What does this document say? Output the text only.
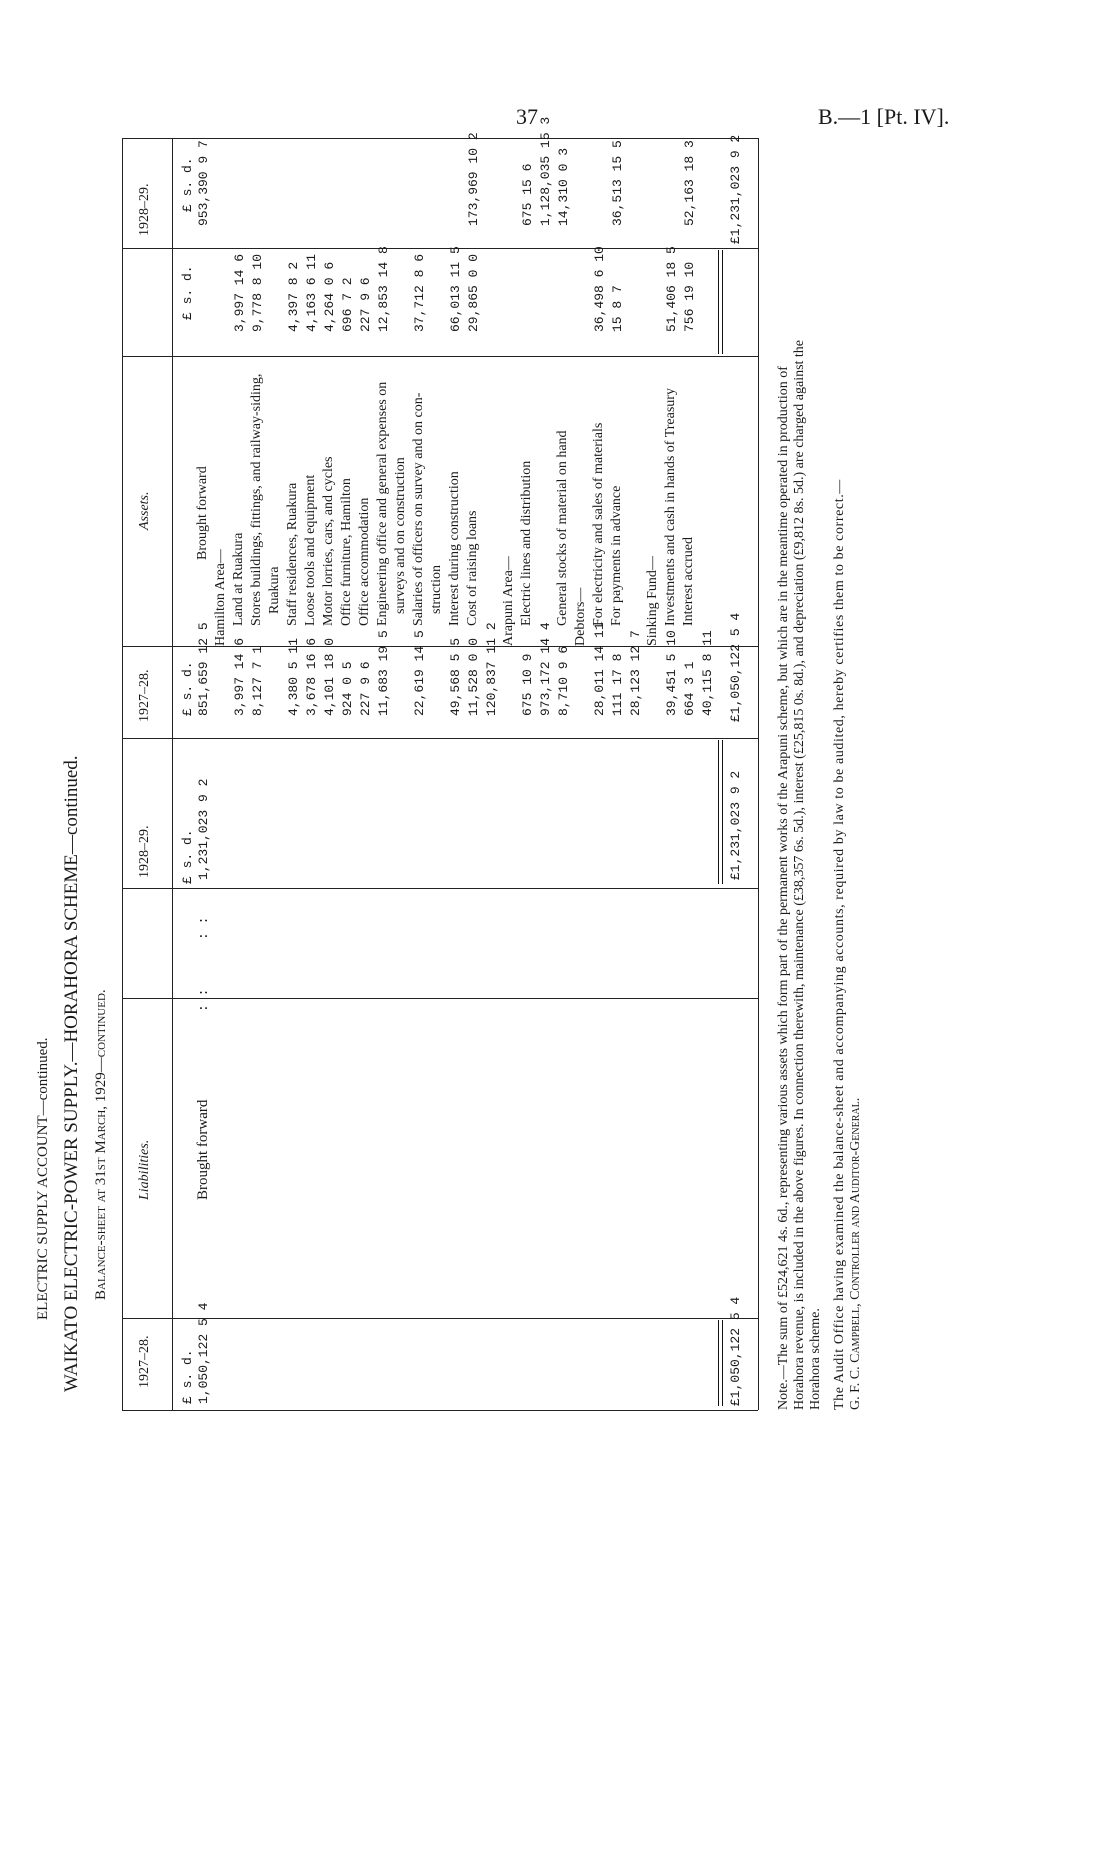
37	B.—1 [Pt. IV].
ELECTRIC SUPPLY ACCOUNT—continued. WAIKATO ELECTRIC-POWER SUPPLY.—HORAHORA SCHEME—continued. Balance-sheet at 31st March, 1929—continued.
1927–28.
Liabilities.
1928–29.
1927–28.
Assets.
1928–29.
£ s. d.
£ s. d.
£ s. d.
£ s. d.
£ s. d.
1,050,122 5 4
Brought forward
: :
: :
1,231,023 9 2
£1,050,122 5 4
£1,231,023 9 2
851,659 12 5
Brought forward
953,390 9 7
Hamilton Area—
3,997 14 6
Land at Ruakura
3,997 14 6
8,127 7 1
Stores buildings, fittings, and railway-siding,
9,778 8 10
Ruakura
4,380 5 11
Staff residences, Ruakura
4,397 8 2
3,678 16 6
Loose tools and equipment
4,163 6 11
4,101 18 0
Motor lorries, cars, and cycles
4,264 0 6
924 0 5
Office furniture, Hamilton
696 7 2
227 9 6
Office accommodation
227 9 6
11,683 19 5
Engineering office and general expenses on
12,853 14 8
surveys and on construction
22,619 14 5
Salaries of officers on survey and on con-
37,712 8 6
struction
49,568 5 5
Interest during construction
66,013 11 5
11,528 0 0
Cost of raising loans
29,865 0 0
173,969 10 2
120,837 11 2
Arapuni Area—
675 10 9
Electric lines and distribution
675 15 6
973,172 14 4
1,128,035 15 3
8,710 9 6
General stocks of material on hand
14,310 0 3
Debtors—
28,011 14 11
For electricity and sales of materials
36,498 6 10
111 17 8
For payments in advance
15 8 7
36,513 15 5
28,123 12 7
Sinking Fund—
39,451 5 10
Investments and cash in hands of Treasury
51,406 18 5
664 3 1
Interest accrued
756 19 10
52,163 18 3
40,115 8 11 £1,050,122 5 4
£1,231,023 9 2
Note.—The sum of £524,621 4s. 6d., representing various assets which form part of the permanent works of the Arapuni scheme, but which are in the meantime operated in production of Horahora revenue, is included in the above figures. In connection therewith, maintenance (£38,357 6s. 5d.), interest (£25,815 0s. 8d.), and depreciation (£9,812 8s. 5d.) are charged against the Horahora scheme. The Audit Office having examined the balance-sheet and accompanying accounts, required by law to be audited, hereby certifies them to be correct.— G. F. C. Campbell, Controller and Auditor-General.
